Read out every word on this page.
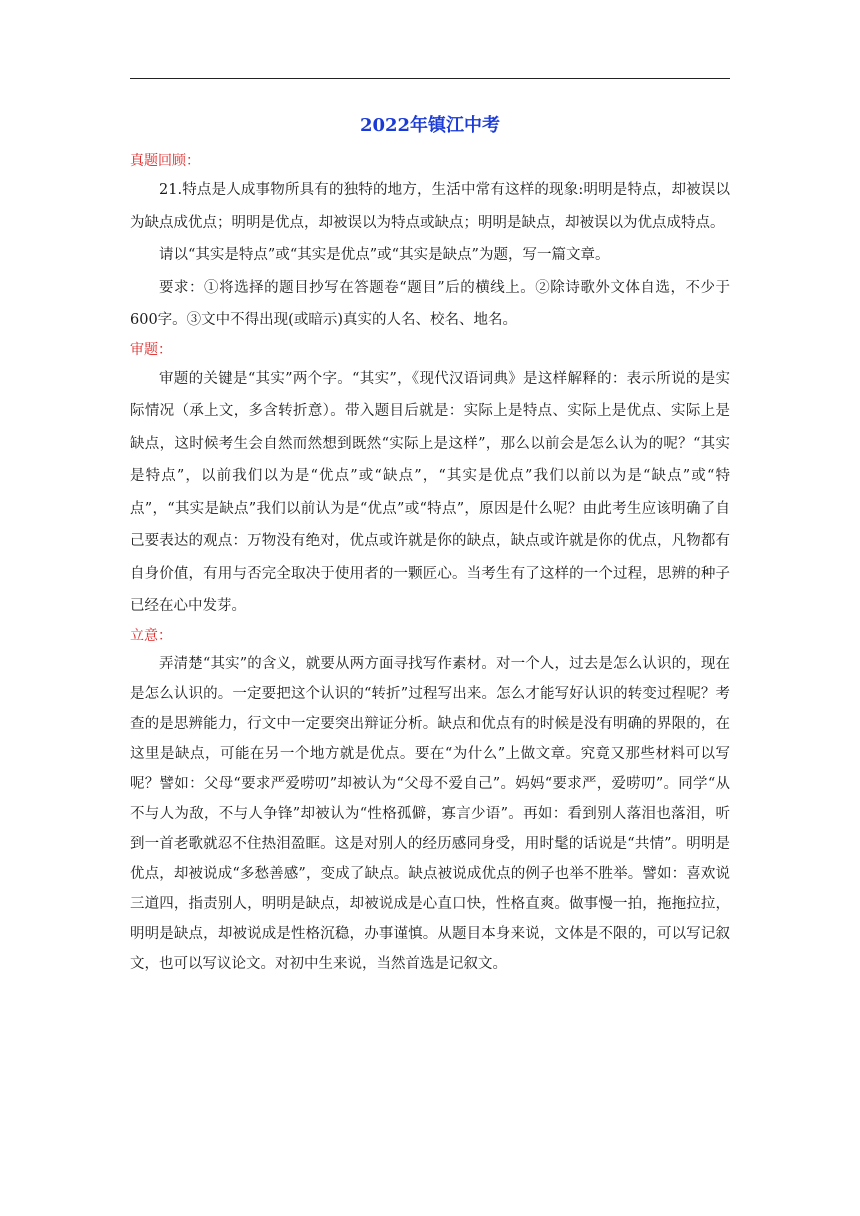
2022年镇江中考

真题回顾：

21.特点是人成事物所具有的独特的地方，生活中常有这样的现象:明明是特点，却被误以为缺点成优点；明明是优点，却被误以为特点或缺点；明明是缺点，却被误以为优点成特点。

请以“其实是特点”或“其实是优点”或“其实是缺点”为题，写一篇文章。

要求：①将选择的题目抄写在答题卷“题目”后的横线上。②除诗歌外文体自选，不少于600字。③文中不得出现(或暗示)真实的人名、校名、地名。

审题：

审题的关键是“其实”两个字。“其实”，《现代汉语词典》是这样解释的：表示所说的是实际情况（承上文，多含转折意）。带入题目后就是：实际上是特点、实际上是优点、实际上是缺点，这时候考生会自然而然想到既然“实际上是这样”，那么以前会是怎么认为的呢？“其实是特点”，以前我们以为是“优点”或“缺点”，“其实是优点”我们以前以为是“缺点”或“特点”，“其实是缺点”我们以前认为是“优点”或“特点”，原因是什么呢？由此考生应该明确了自己要表达的观点：万物没有绝对，优点或许就是你的缺点，缺点或许就是你的优点，凡物都有自身价值，有用与否完全取决于使用者的一颗匠心。当考生有了这样的一个过程，思辨的种子已经在心中发芽。

立意：

弄清楚“其实”的含义，就要从两方面寻找写作素材。对一个人，过去是怎么认识的，现在是怎么认识的。一定要把这个认识的“转折”过程写出来。怎么才能写好认识的转变过程呢？考查的是思辨能力，行文中一定要突出辩证分析。缺点和优点有的时候是没有明确的界限的，在这里是缺点，可能在另一个地方就是优点。要在“为什么”上做文章。究竟又那些材料可以写呢？譬如：父母“要求严爱唠叨”却被认为“父母不爱自己”。妈妈“要求严，爱唠叨”。同学“从不与人为敌，不与人争锋”却被认为“性格孤僻，寡言少语”。再如：看到别人落泪也落泪，听到一首老歌就忍不住热泪盈眶。这是对别人的经历感同身受，用时髦的话说是“共情”。明明是优点，却被说成“多愁善感”，变成了缺点。缺点被说成优点的例子也举不胜举。譬如：喜欢说三道四，指责别人，明明是缺点，却被说成是心直口快，性格直爽。做事慢一拍，拖拖拉拉，明明是缺点，却被说成是性格沉稳，办事谨慎。从题目本身来说，文体是不限的，可以写记叙文，也可以写议论文。对初中生来说，当然首选是记叙文。
